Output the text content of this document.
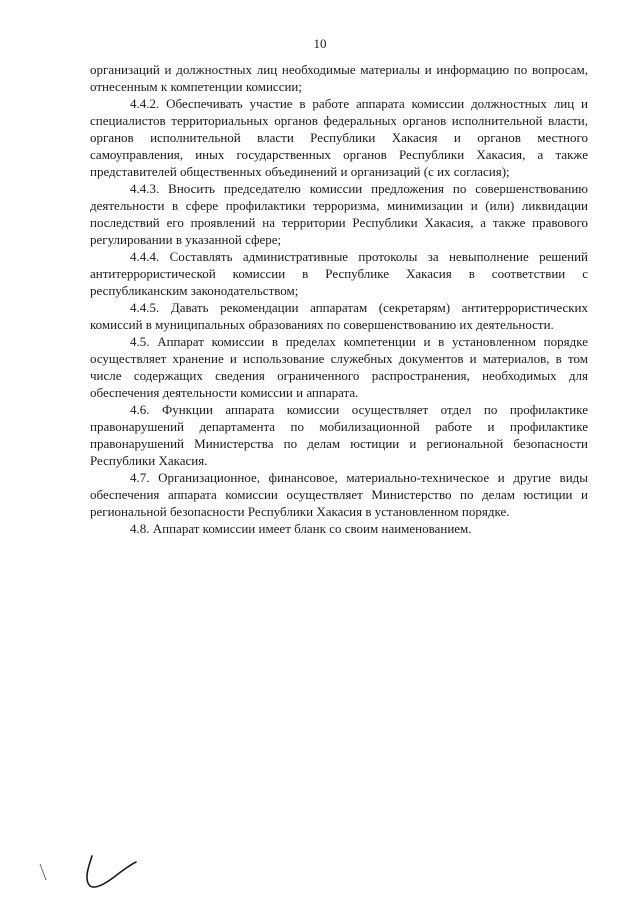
10

организаций и должностных лиц необходимые материалы и информацию по вопросам, отнесенным к компетенции комиссии;

4.4.2. Обеспечивать участие в работе аппарата комиссии должностных лиц и специалистов территориальных органов федеральных органов исполнительной власти, органов исполнительной власти Республики Хакасия и органов местного самоуправления, иных государственных органов Республики Хакасия, а также представителей общественных объединений и организаций (с их согласия);

4.4.3. Вносить председателю комиссии предложения по совершенствованию деятельности в сфере профилактики терроризма, минимизации и (или) ликвидации последствий его проявлений на территории Республики Хакасия, а также правового регулировании в указанной сфере;

4.4.4. Составлять административные протоколы за невыполнение решений антитеррористической комиссии в Республике Хакасия в соответствии с республиканским законодательством;

4.4.5. Давать рекомендации аппаратам (секретарям) антитеррористических комиссий в муниципальных образованиях по совершенствованию их деятельности.

4.5. Аппарат комиссии в пределах компетенции и в установленном порядке осуществляет хранение и использование служебных документов и материалов, в том числе содержащих сведения ограниченного распространения, необходимых для обеспечения деятельности комиссии и аппарата.

4.6. Функции аппарата комиссии осуществляет отдел по профилактике правонарушений департамента по мобилизационной работе и профилактике правонарушений Министерства по делам юстиции и региональной безопасности Республики Хакасия.

4.7. Организационное, финансовое, материально-техническое и другие виды обеспечения аппарата комиссии осуществляет Министерство по делам юстиции и региональной безопасности Республики Хакасия в установленном порядке.

4.8. Аппарат комиссии имеет бланк со своим наименованием.
